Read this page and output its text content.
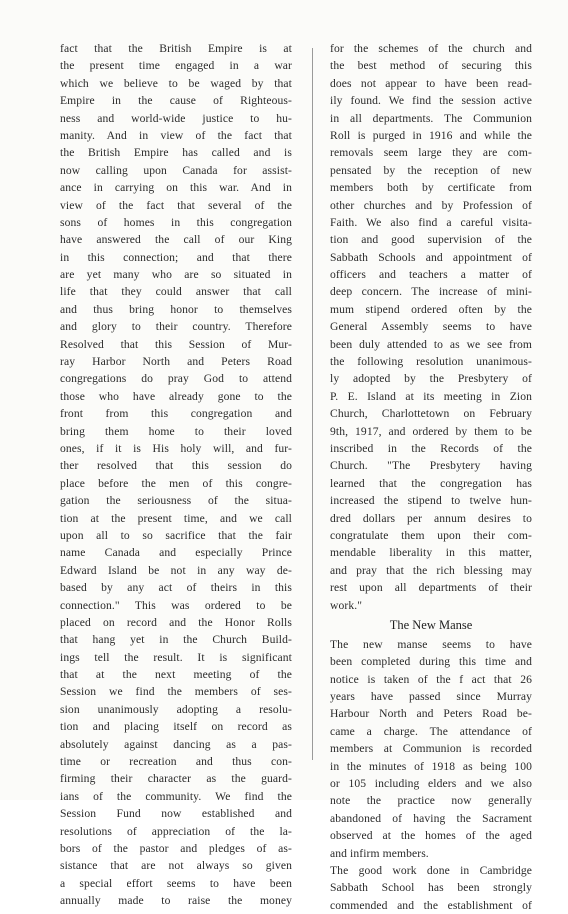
fact that the British Empire is at
the present time engaged in a war
which we believe to be waged by that
Empire in the cause of Righteous-
ness and world-wide justice to hu-
manity. And in view of the fact that
the British Empire has called and is
now calling upon Canada for assist-
ance in carrying on this war. And in
view of the fact that several of the
sons of homes in this congregation
have answered the call of our King
in this connection; and that there
are yet many who are so situated in
life that they could answer that call
and thus bring honor to themselves
and glory to their country. Therefore
Resolved that this Session of Mur-
ray Harbor North and Peters Road
congregations do pray God to attend
those who have already gone to the
front from this congregation and
bring them home to their loved
ones, if it is His holy will, and fur-
ther resolved that this session do
place before the men of this congre-
gation the seriousness of the situa-
tion at the present time, and we call
upon all to so sacrifice that the fair
name Canada and especially Prince
Edward Island be not in any way de-
based by any act of theirs in this
connection." This was ordered to be
placed on record and the Honor Rolls
that hang yet in the Church Build-
ings tell the result. It is significant
that at the next meeting of the
Session we find the members of ses-
sion unanimously adopting a resolu-
tion and placing itself on record as
absolutely against dancing as a pas-
time or recreation and thus con-
firming their character as the guard-
ians of the community. We find the
Session Fund now established and
resolutions of appreciation of the la-
bors of the pastor and pledges of as-
sistance that are not always so given
a special effort seems to have been
annually made to raise the money
for the schemes of the church and
the best method of securing this
does not appear to have been read-
ily found. We find the session active
in all departments. The Communion
Roll is purged in 1916 and while the
removals seem large they are com-
pensated by the reception of new
members both by certificate from
other churches and by Profession of
Faith. We also find a careful visita-
tion and good supervision of the
Sabbath Schools and appointment of
officers and teachers a matter of
deep concern. The increase of mini-
mum stipend ordered often by the
General Assembly seems to have
been duly attended to as we see from
the following resolution unanimous-
ly adopted by the Presbytery of
P. E. Island at its meeting in Zion
Church, Charlottetown on February
9th, 1917, and ordered by them to be
inscribed in the Records of the
Church. "The Presbytery having
learned that the congregation has
increased the stipend to twelve hun-
dred dollars per annum desires to
congratulate them upon their com-
mendable liberality in this matter,
and pray that the rich blessing may
rest upon all departments of their
work."
The New Manse
The new manse seems to have
been completed during this time and
notice is taken of the f act that 26
years have passed since Murray
Harbour North and Peters Road be-
came a charge. The attendance of
members at Communion is recorded
in the minutes of 1918 as being 100
or 105 including elders and we also
note the practice now generally
abandoned of having the Sacrament
observed at the homes of the aged
and infirm members.
The good work done in Cambridge
Sabbath School has been strongly
commended and the establishment of
